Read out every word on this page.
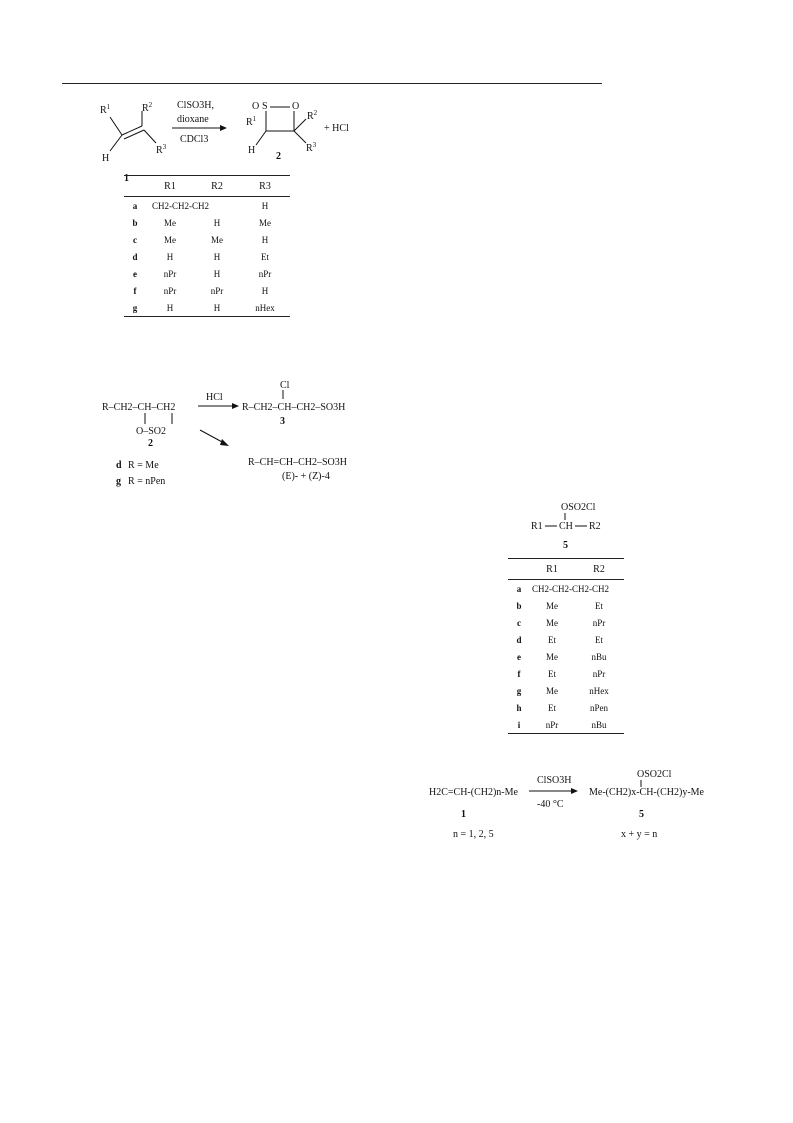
$R^1$	$R^2$
H
$R^3$
1
ClSO3H,
dioxane
CDCl3
O S O
$R^1$	$R^2$
H	$R^3$
2
+ HCl
	R1	R2	R3
a	CH2-CH2-CH2		H
b	Me	H	Me
c	Me	Me	H
d	H	H	Et
e	nPr	H	nPr
f	nPr	nPr	H
g	H	H	nHex
R–CH2–CH–CH2
O–SO2
2
HCl
Cl
R–CH2–CH–CH2–SO3H
3
R–CH=CH–CH2–SO3H
(E)- + (Z)-4
d R = Me
g R = nPen
OSO2Cl
R1 CH R2
5
	R1	R2
a	CH2-CH2-CH2-CH2	
b	Me	Et
c	Me	nPr
d	Et	Et
e	Me	nBu
f	Et	nPr
g	Me	nHex
h	Et	nPen
i	nPr	nBu
H2C=CH-(CH2)n-Me
1
n = 1, 2, 5
ClSO3H
-40 °C
OSO2Cl
Me-(CH2)x-CH-(CH2)y-Me
5
x + y = n
